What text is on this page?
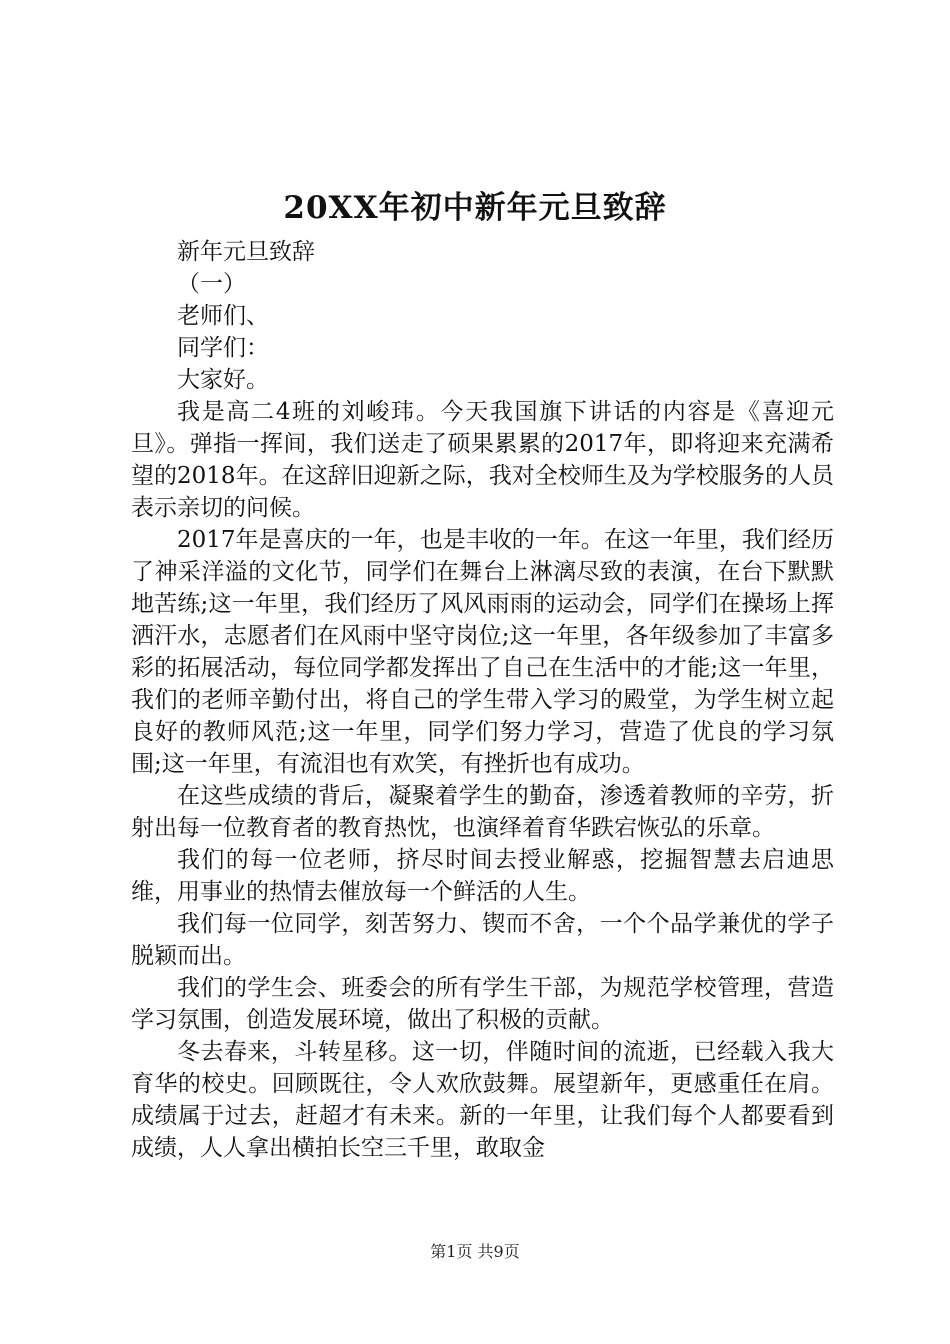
20XX年初中新年元旦致辞

新年元旦致辞

（一）

老师们、

同学们：

大家好。

我是高二4班的刘峻玮。今天我国旗下讲话的内容是《喜迎元旦》。弹指一挥间，我们送走了硕果累累的2017年，即将迎来充满希望的2018年。在这辞旧迎新之际，我对全校师生及为学校服务的人员表示亲切的问候。

2017年是喜庆的一年，也是丰收的一年。在这一年里，我们经历了神采洋溢的文化节，同学们在舞台上淋漓尽致的表演，在台下默默地苦练;这一年里，我们经历了风风雨雨的运动会，同学们在操场上挥洒汗水，志愿者们在风雨中坚守岗位;这一年里，各年级参加了丰富多彩的拓展活动，每位同学都发挥出了自己在生活中的才能;这一年里，我们的老师辛勤付出，将自己的学生带入学习的殿堂，为学生树立起良好的教师风范;这一年里，同学们努力学习，营造了优良的学习氛围;这一年里，有流泪也有欢笑，有挫折也有成功。

在这些成绩的背后，凝聚着学生的勤奋，渗透着教师的辛劳，折射出每一位教育者的教育热忱，也演绎着育华跌宕恢弘的乐章。

我们的每一位老师，挤尽时间去授业解惑，挖掘智慧去启迪思维，用事业的热情去催放每一个鲜活的人生。

我们每一位同学，刻苦努力、锲而不舍，一个个品学兼优的学子脱颖而出。

我们的学生会、班委会的所有学生干部，为规范学校管理，营造学习氛围，创造发展环境，做出了积极的贡献。

冬去春来，斗转星移。这一切，伴随时间的流逝，已经载入我大育华的校史。回顾既往，令人欢欣鼓舞。展望新年，更感重任在肩。成绩属于过去，赶超才有未来。新的一年里，让我们每个人都要看到成绩，人人拿出横拍长空三千里，敢取金

第1页 共9页
